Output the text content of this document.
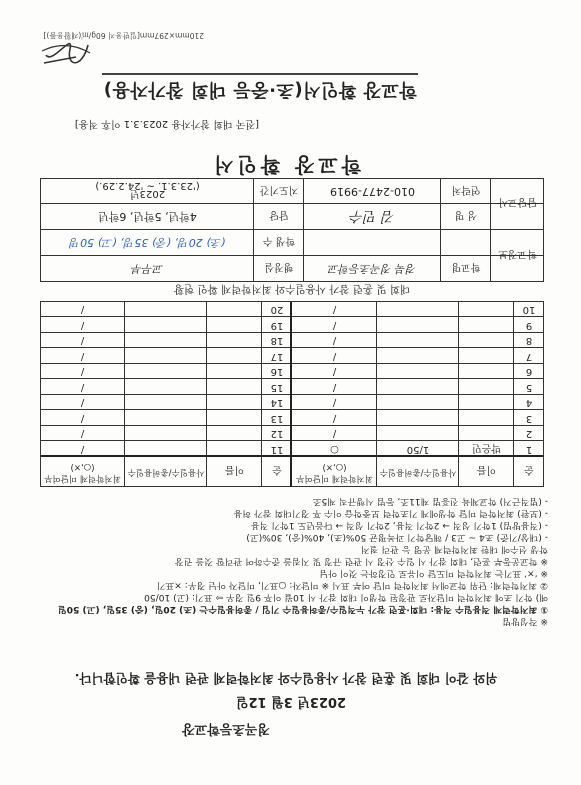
학교장 확인서(초·중등 대회 참가자용)
[전국 대회 참가자용 2023.3.1 이후 적용]
학교장 확인서
학교정보
담당교사
학교명
경북 정곡초등학교
행정실
교무부
학생 수
(초) 20명, (중) 35명, (고) 50명
성 명
김 민수
담당
4학년, 5학년, 6학년
연락처
010-2477-9919
지도기간
2023년
('23.3.1. ~ '24.2.29.)
대회 및 훈련 참가 사용일수와 최저학력제 확인 현황
순
이름
사용일수/총허용일수
최저학력제 미달여부(○,×)
순
이름
사용일수/총허용일수
최저학력제 미달여부(○,×)
1
박은민
1/50
○
11
/
2
/
12
/
3
/
13
/
4
/
14
/
5
/
15
/
6
/
16
/
7
/
17
/
8
/
18
/
9
/
19
/
10
/
20
/
※ 작성방법
① 최저학력제 적용일수 적용: 대회·훈련 참가 누적일수/총허용일수 기입 / 총허용일수는 (초) 20일, (중) 35일, (고) 50일
예) 학기 초에 최저학력 미달자로 판정된 학생이 대회 참가 시 10월 이후 9일 경우 ⇨ 표기: (고) 10/50
② 최저학력제: 단위 학교에서 최저학력 미달 여부 표시 ※ 미달자: ○표기, 미달자 아닌 경우: ×표기
※ ‘×’ 표기는 최저학력 미도달 이유로 인정하는 것이 아님
※ 학교운동부 훈련, 대회 참가 시 일수 산정 시 관련 규정 및 지침을 준수하여 관리할 것을 권장
학생 선수에 대한 최저학력제 운영 등 관리 철저
- (대상/기준) 초4 ~ 고3 / 해당학기 과목평균 50%(초), 40%(중), 30%(고)
- (적용방법) 1학기 성적 → 2학기 적용, 2학기 성적 → 다음년도 1학기 적용
- (보완) 최저학력 미달 학생에게 기초학력 보충학습 이수 후 경기대회 참가 허용
- (법적근거) 학교체육 진흥법 제11조, 동법 시행규칙 제5조
위와 같이 대회 및 훈련 참가 사용일수와 최저학력제 관련 내용을 확인합니다.
2023년 3월 12일
정곡초등학교장
210mm×297mm[일반용지 60g/㎡(재활용품)]
